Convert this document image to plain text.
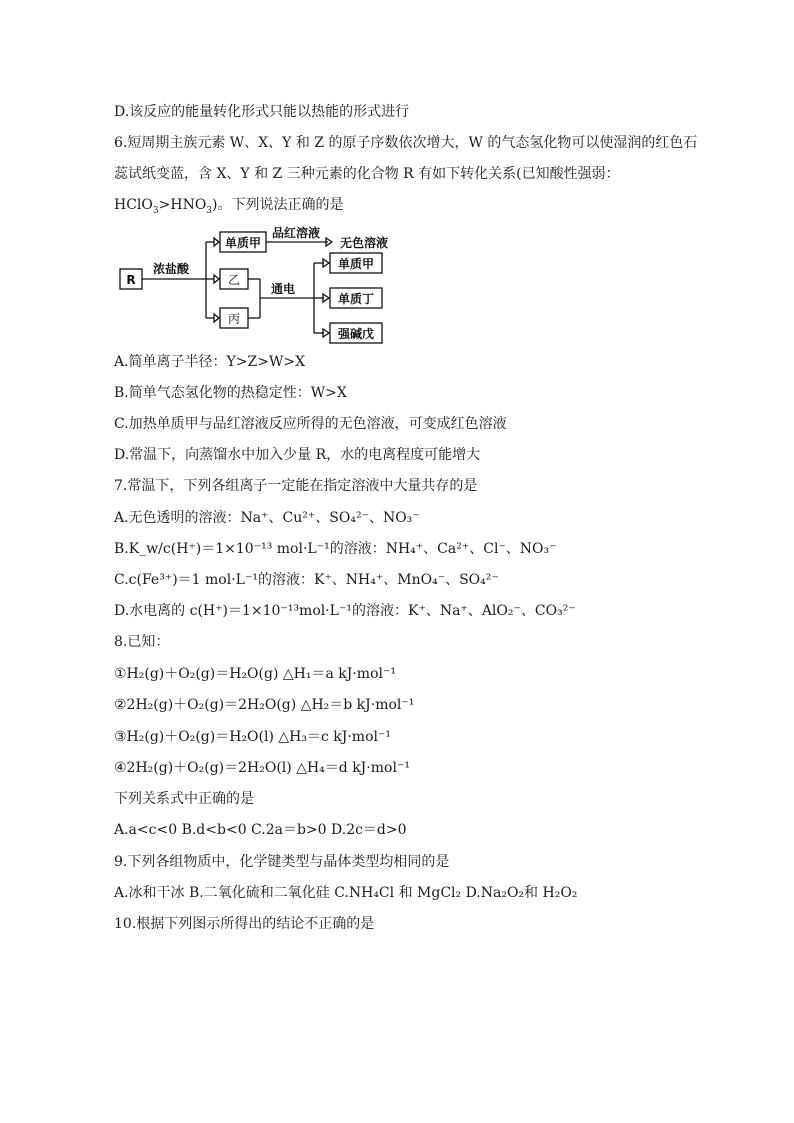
D.该反应的能量转化形式只能以热能的形式进行
6.短周期主族元素 W、X、Y 和 Z 的原子序数依次增大，W 的气态氢化物可以使湿润的红色石
蕊试纸变蓝，含 X、Y 和 Z 三种元素的化合物 R 有如下转化关系(已知酸性强弱：
$HClO_3>HNO_3$)。下列说法正确的是
R
浓盐酸
单质甲
乙
丙
品红溶液
无色溶液
通电
单质甲
单质丁
强碱戊
A.简单离子半径：Y>Z>W>X
B.简单气态氢化物的热稳定性：W>X
C.加热单质甲与品红溶液反应所得的无色溶液，可变成红色溶液
D.常温下，向蒸馏水中加入少量 R，水的电离程度可能增大
7.常温下，下列各组离子一定能在指定溶液中大量共存的是
A.无色透明的溶液：Na⁺、Cu²⁺、SO₄²⁻、NO₃⁻
B.K_w/c(H⁺)＝1×10⁻¹³ mol·L⁻¹的溶液：NH₄⁺、Ca²⁺、Cl⁻、NO₃⁻
C.c(Fe³⁺)＝1 mol·L⁻¹的溶液：K⁺、NH₄⁺、MnO₄⁻、SO₄²⁻
D.水电离的 c(H⁺)＝1×10⁻¹³mol·L⁻¹的溶液：K⁺、Na⁺、AlO₂⁻、CO₃²⁻
8.已知：
①H₂(g)＋O₂(g)＝H₂O(g) △H₁＝a kJ·mol⁻¹
②2H₂(g)＋O₂(g)＝2H₂O(g) △H₂＝b kJ·mol⁻¹
③H₂(g)＋O₂(g)＝H₂O(l) △H₃＝c kJ·mol⁻¹
④2H₂(g)＋O₂(g)＝2H₂O(l) △H₄＝d kJ·mol⁻¹
下列关系式中正确的是
A.a<c<0 B.d<b<0 C.2a＝b>0 D.2c＝d>0
9.下列各组物质中，化学键类型与晶体类型均相同的是
A.冰和干冰 B.二氧化硫和二氧化硅 C.NH₄Cl 和 MgCl₂ D.Na₂O₂和 H₂O₂
10.根据下列图示所得出的结论不正确的是
